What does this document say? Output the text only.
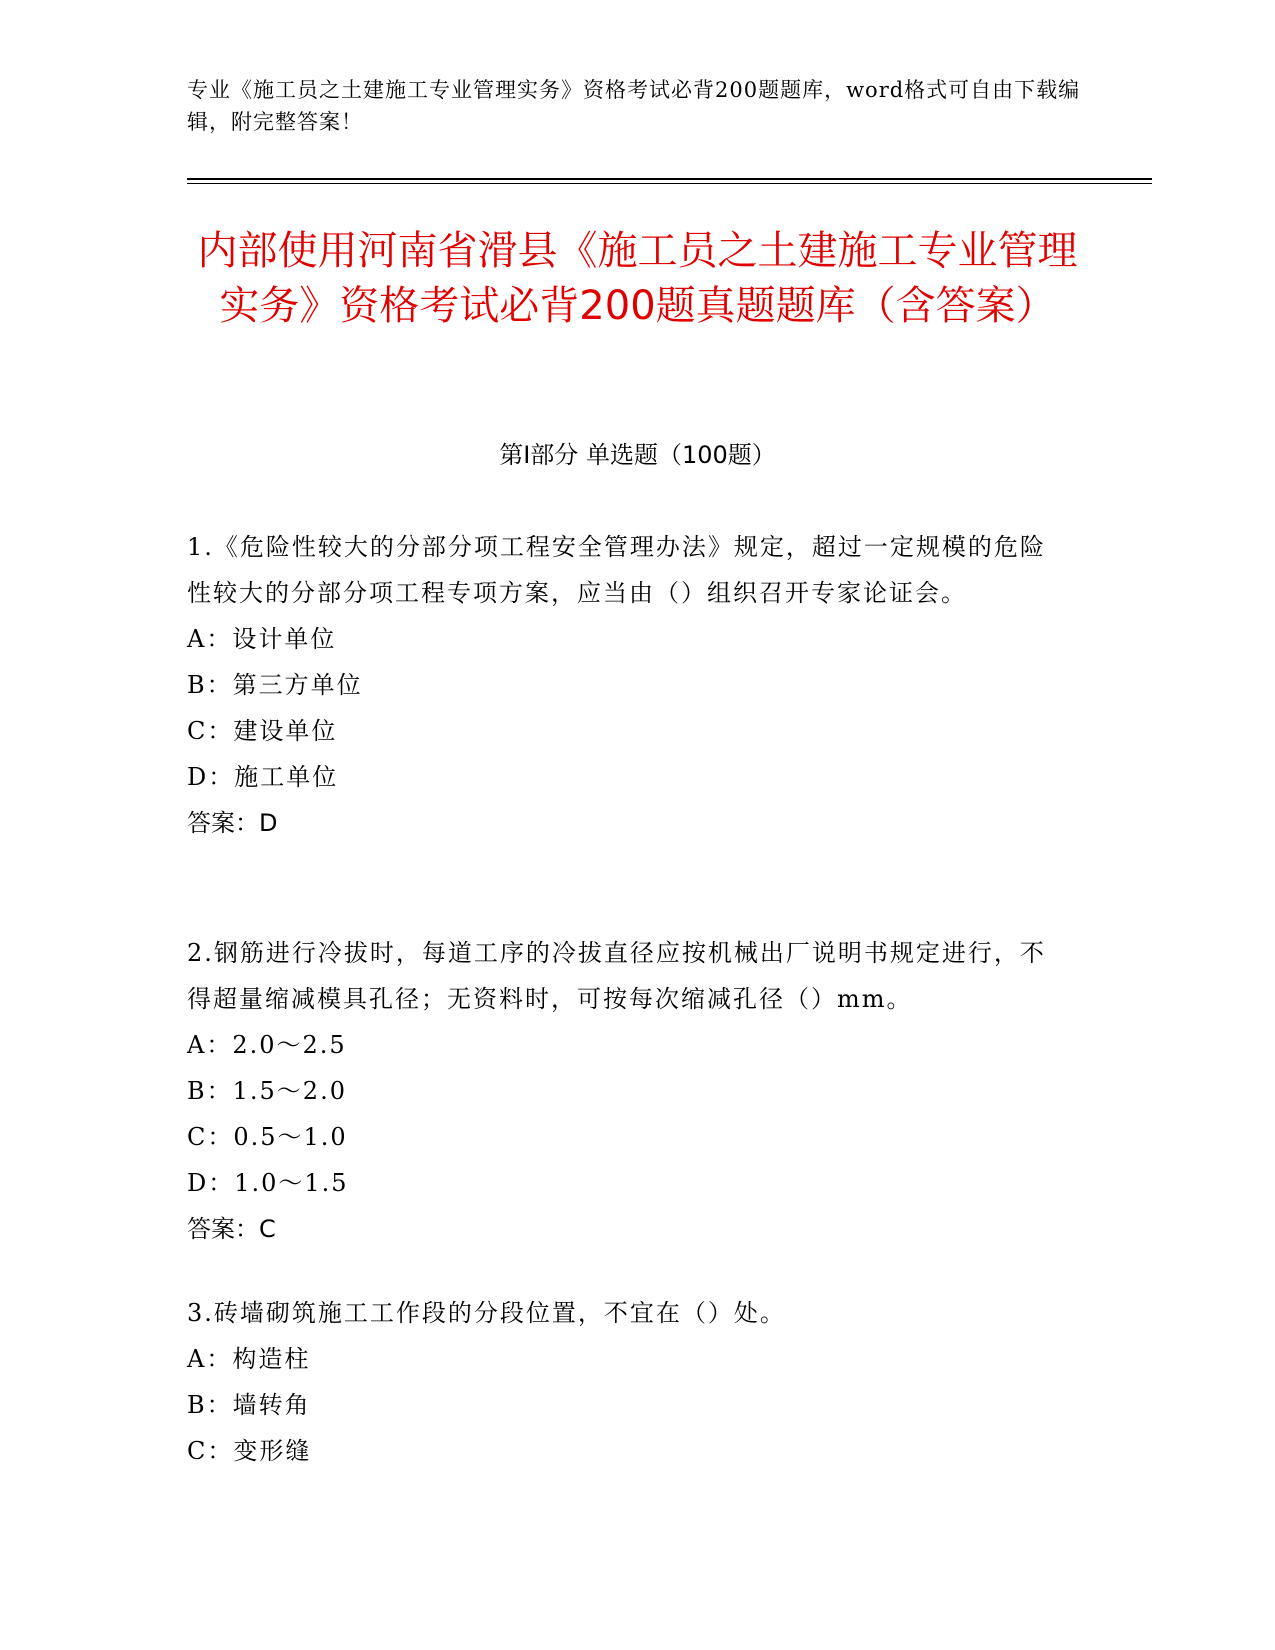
专业《施工员之土建施工专业管理实务》资格考试必背200题题库，word格式可自由下载编辑，附完整答案！
内部使用河南省滑县《施工员之土建施工专业管理实务》资格考试必背200题真题题库（含答案）
第Ⅰ部分 单选题（100题）
1.《危险性较大的分部分项工程安全管理办法》规定，超过一定规模的危险性较大的分部分项工程专项方案，应当由（）组织召开专家论证会。
A：设计单位
B：第三方单位
C：建设单位
D：施工单位
答案：D
2.钢筋进行冷拔时，每道工序的冷拔直径应按机械出厂说明书规定进行，不得超量缩减模具孔径；无资料时，可按每次缩减孔径（）mm。
A：2.0～2.5
B：1.5～2.0
C：0.5～1.0
D：1.0～1.5
答案：C
3.砖墙砌筑施工工作段的分段位置，不宜在（）处。
A：构造柱
B：墙转角
C：变形缝
